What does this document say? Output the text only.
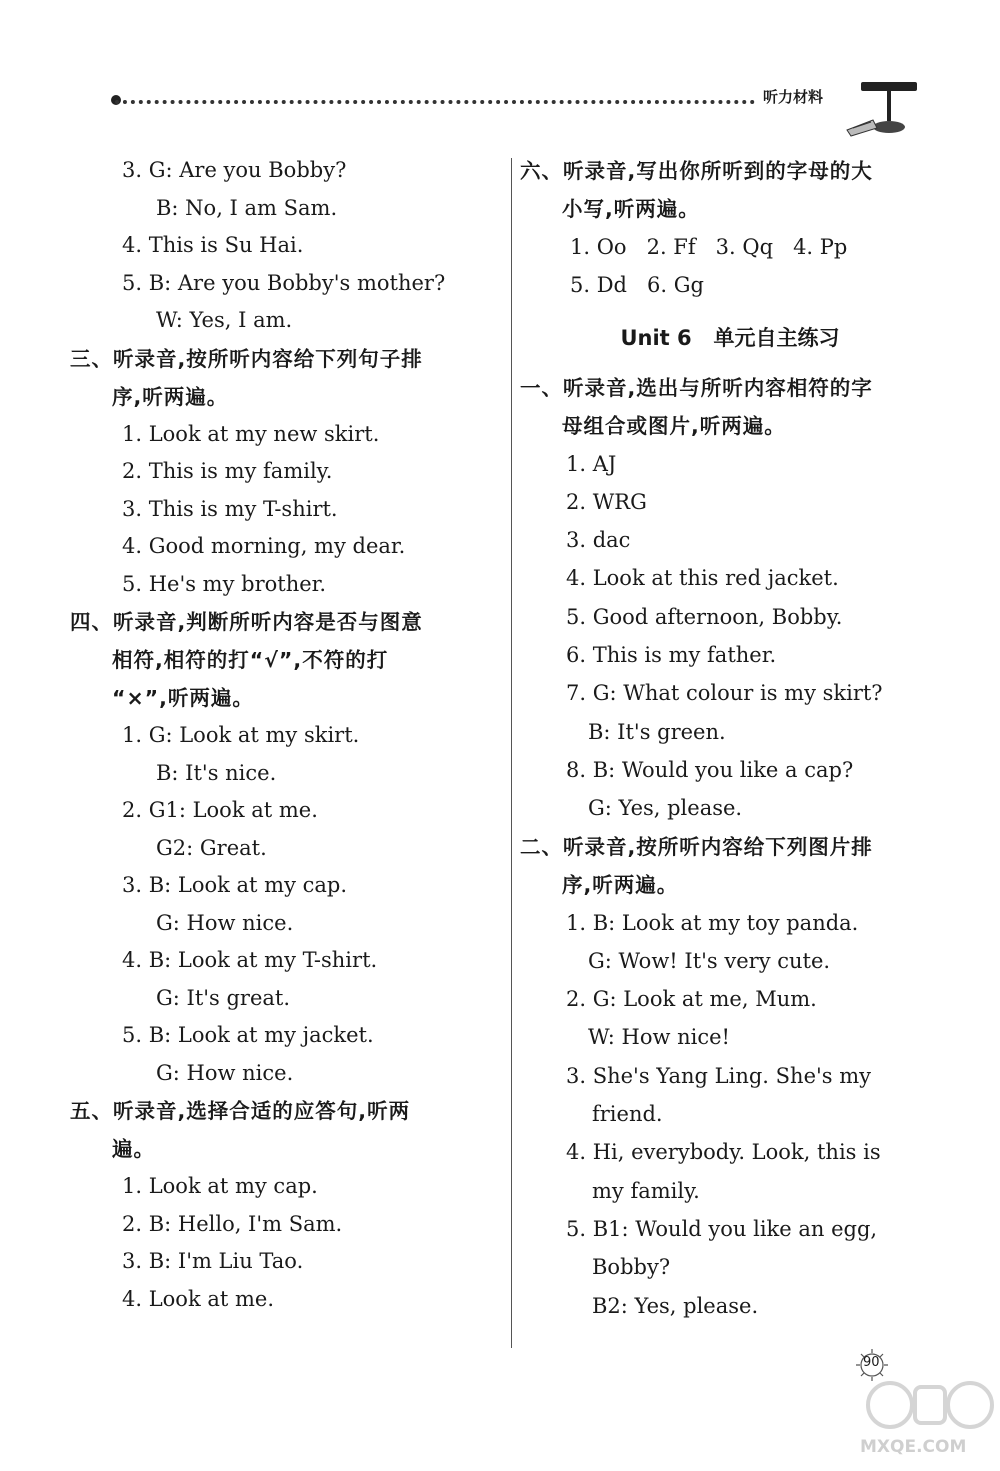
听力材料
3. G: Are you Bobby?
B: No, I am Sam.
4. This is Su Hai.
5. B: Are you Bobby's mother?
W: Yes, I am.
三、听录音,按所听内容给下列句子排
序,听两遍。
1. Look at my new skirt.
2. This is my family.
3. This is my T-shirt.
4. Good morning, my dear.
5. He's my brother.
四、听录音,判断所听内容是否与图意
相符,相符的打“√”,不符的打
“×”,听两遍。
1. G: Look at my skirt.
B: It's nice.
2. G1: Look at me.
G2: Great.
3. B: Look at my cap.
G: How nice.
4. B: Look at my T-shirt.
G: It's great.
5. B: Look at my jacket.
G: How nice.
五、听录音,选择合适的应答句,听两
遍。
1. Look at my cap.
2. B: Hello, I'm Sam.
3. B: I'm Liu Tao.
4. Look at me.
六、听录音,写出你所听到的字母的大
小写,听两遍。
1. Oo   2. Ff   3. Qq   4. Pp
5. Dd   6. Gg
Unit 6   单元自主练习
一、听录音,选出与所听内容相符的字
母组合或图片,听两遍。
1. AJ
2. WRG
3. dac
4. Look at this red jacket.
5. Good afternoon, Bobby.
6. This is my father.
7. G: What colour is my skirt?
B: It's green.
8. B: Would you like a cap?
G: Yes, please.
二、听录音,按所听内容给下列图片排
序,听两遍。
1. B: Look at my toy panda.
G: Wow! It's very cute.
2. G: Look at me, Mum.
W: How nice!
3. She's Yang Ling. She's my
friend.
4. Hi, everybody. Look, this is
my family.
5. B1: Would you like an egg,
Bobby?
B2: Yes, please.
90
MXQE.COM
